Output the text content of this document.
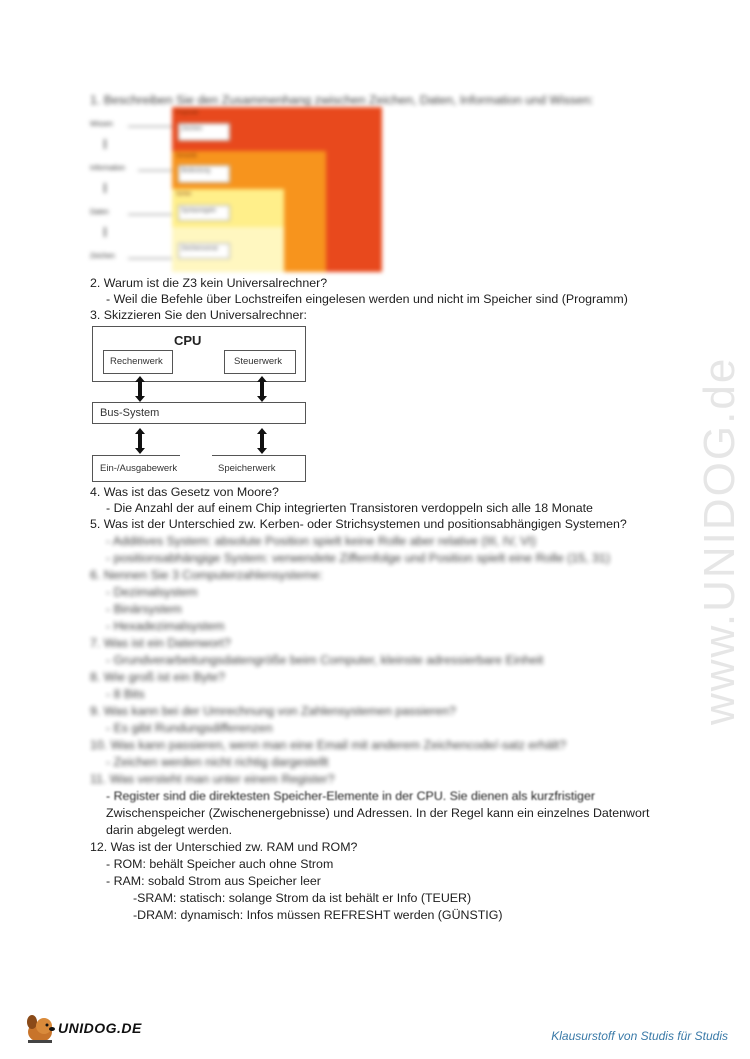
www.UNIDOG.de
1. Beschreiben Sie den Zusammenhang zwischen Zeichen, Daten, Information und Wissen:
Pragmatik
Semantik
Syntax
Zeichen
Bedeutung
Syntaxregeln
Zeichenvorrat
Wissen
Information
Daten
Zeichen
2. Warum ist die Z3 kein Universalrechner?
- Weil die Befehle über Lochstreifen eingelesen werden und nicht im Speicher sind (Programm)
3. Skizzieren Sie den Universalrechner:
CPU
Rechenwerk	Steuerwerk
Bus-System
Ein-/Ausgabewerk	Speicherwerk
4. Was ist das Gesetz von Moore?
- Die Anzahl der auf einem Chip integrierten Transistoren verdoppeln sich alle 18 Monate
5. Was ist der Unterschied zw. Kerben- oder Strichsystemen und positionsabhängigen Systemen?
- Additives System: absolute Position spielt keine Rolle aber relative (III, IV, VI)
- positionsabhängige System: verwendete Ziffernfolge und Position spielt eine Rolle (15, 31)
6. Nennen Sie 3 Computerzahlensysteme:
- Dezimalsystem
- Binärsystem
- Hexadezimalsystem
7. Was ist ein Datenwort?
- Grundverarbeitungsdatengröße beim Computer, kleinste adressierbare Einheit
8. Wie groß ist ein Byte?
- 8 Bits
9. Was kann bei der Umrechnung von Zahlensystemen passieren?
- Es gibt Rundungsdifferenzen
10. Was kann passieren, wenn man eine Email mit anderem Zeichencode/-satz erhält?
- Zeichen werden nicht richtig dargestellt
11. Was versteht man unter einem Register?
- Register sind die direktesten Speicher-Elemente in der CPU. Sie dienen als kurzfristiger
Zwischenspeicher (Zwischenergebnisse) und Adressen. In der Regel kann ein einzelnes Datenwort
darin abgelegt werden.
12. Was ist der Unterschied zw. RAM und ROM?
- ROM: behält Speicher auch ohne Strom
- RAM: sobald Strom aus Speicher leer
-SRAM: statisch: solange Strom da ist behält er Info (TEUER)
-DRAM: dynamisch: Infos müssen REFRESHT werden (GÜNSTIG)
UNIDOG.DE	Klausurstoff von Studis für Studis
